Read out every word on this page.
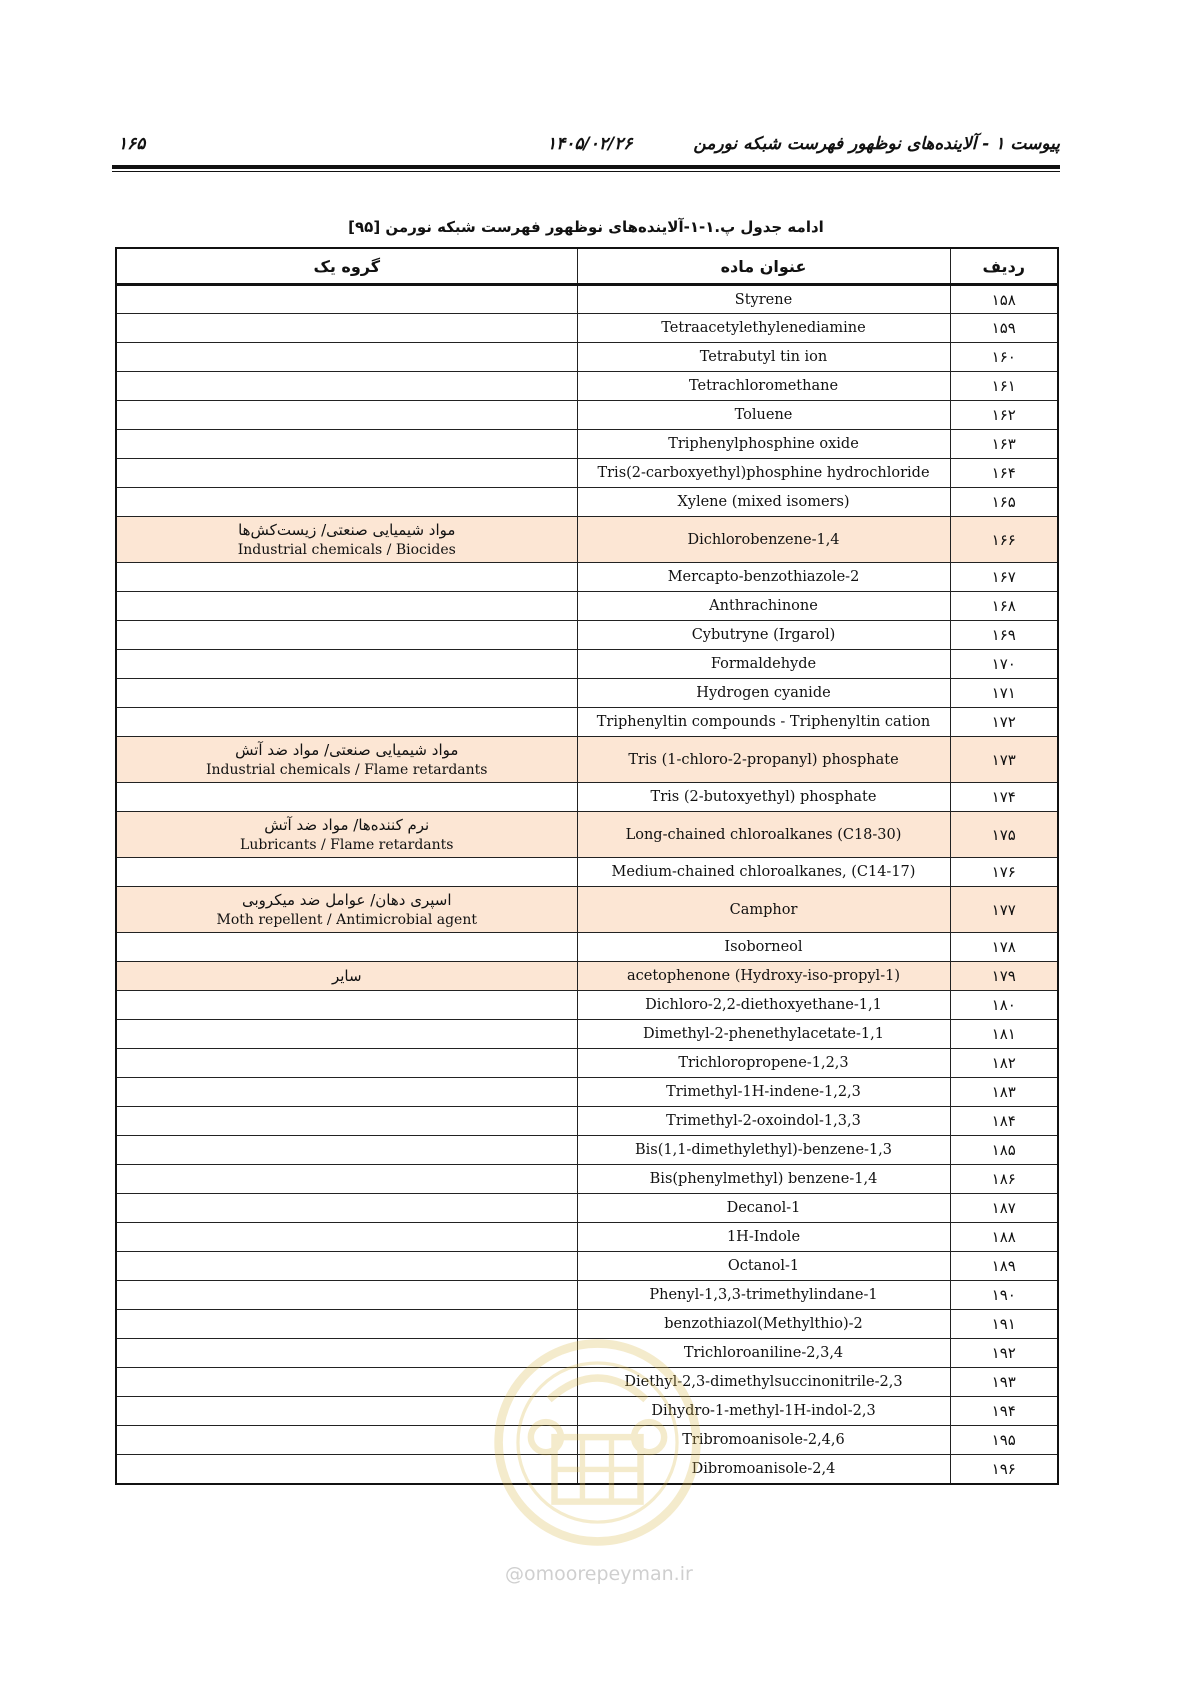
پیوست ۱ - آلاینده‌های نوظهور فهرست شبکه نورمن
۱۴۰۵/۰۲/۲۶
۱۶۵
ادامه جدول پ.۱-۱-آلاینده‌های نوظهور فهرست شبکه نورمن [۹۵]
ردیف	عنوان ماده	گروه یک
۱۵۸	Styrene	
۱۵۹	Tetraacetylethylenediamine	
۱۶۰	Tetrabutyl tin ion	
۱۶۱	Tetrachloromethane	
۱۶۲	Toluene	
۱۶۳	Triphenylphosphine oxide	
۱۶۴	Tris(2-carboxyethyl)phosphine hydrochloride	
۱۶۵	Xylene (mixed isomers)	
۱۶۶	1,4-Dichlorobenzene	مواد شیمیایی صنعتی/ زیست‌کش‌ها
Industrial chemicals / Biocides

۱۶۷	2-Mercapto-benzothiazole	
۱۶۸	Anthrachinone	
۱۶۹	Cybutryne (Irgarol)	
۱۷۰	Formaldehyde	
۱۷۱	Hydrogen cyanide	
۱۷۲	Triphenyltin compounds - Triphenyltin cation	
۱۷۳	Tris (1-chloro-2-propanyl) phosphate	مواد شیمیایی صنعتی/ مواد ضد آتش
Industrial chemicals / Flame retardants

۱۷۴	Tris (2-butoxyethyl) phosphate	
۱۷۵	Long-chained chloroalkanes (C18-30)	نرم کننده‌ها/ مواد ضد آتش
Lubricants / Flame retardants

۱۷۶	Medium-chained chloroalkanes, (C14-17)	
۱۷۷	Camphor	اسپری دهان/ عوامل ضد میکروبی
Moth repellent / Antimicrobial agent

۱۷۸	Isoborneol	
۱۷۹	(1-Hydroxy-iso-propyl) acetophenone	سایر

۱۸۰	1,1-Dichloro-2,2-diethoxyethane	
۱۸۱	1,1-Dimethyl-2-phenethylacetate	
۱۸۲	1,2,3-Trichloropropene	
۱۸۳	1,2,3-Trimethyl-1H-indene	
۱۸۴	1,3,3-Trimethyl-2-oxoindol	
۱۸۵	1,3-Bis(1,1-dimethylethyl)-benzene	
۱۸۶	1,4-Bis(phenylmethyl) benzene	
۱۸۷	1-Decanol	
۱۸۸	1H-Indole	
۱۸۹	1-Octanol	
۱۹۰	1-Phenyl-1,3,3-trimethylindane	
۱۹۱	2-(Methylthio)benzothiazol	
۱۹۲	2,3,4-Trichloroaniline	
۱۹۳	2,3-Diethyl-2,3-dimethylsuccinonitrile	
۱۹۴	2,3-Dihydro-1-methyl-1H-indol	
۱۹۵	2,4,6-Tribromoanisole	
۱۹۶	2,4-Dibromoanisole	
@omoorepeyman.ir
